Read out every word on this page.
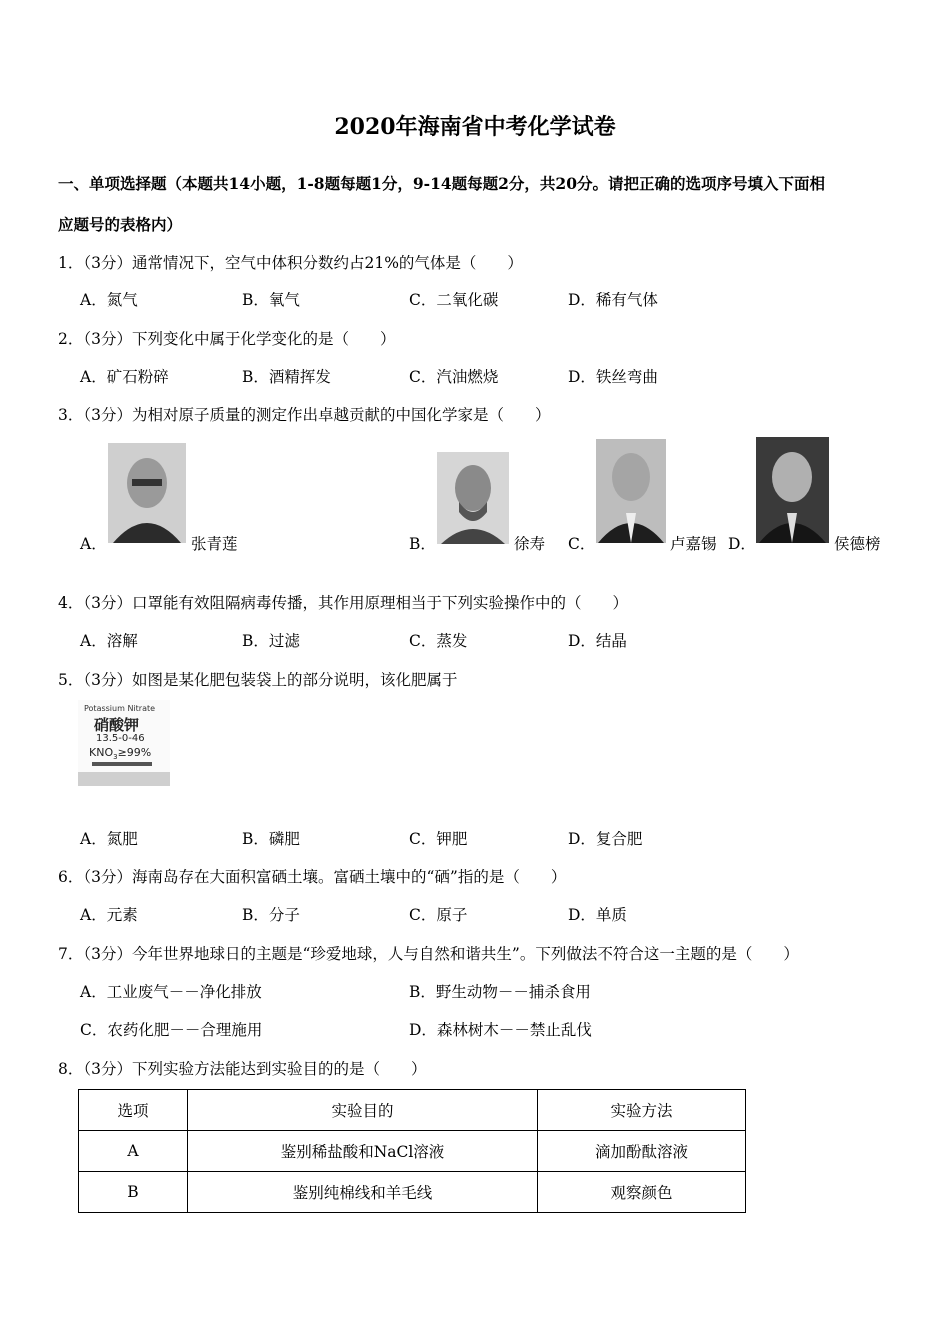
2020年海南省中考化学试卷
一、单项选择题（本题共14小题，1-8题每题1分，9-14题每题2分，共20分。请把正确的选项序号填入下面相
应题号的表格内）
1．（3分）通常情况下，空气中体积分数约占21%的气体是（　　）
A．氮气	B．氧气	C．二氧化碳	D．稀有气体
2．（3分）下列变化中属于化学变化的是（　　）
A．矿石粉碎	B．酒精挥发	C．汽油燃烧	D．铁丝弯曲
3．（3分）为相对原子质量的测定作出卓越贡献的中国化学家是（　　）
A．	张青莲	B．	徐寿 C．	卢嘉锡 D．	侯德榜
4．（3分）口罩能有效阻隔病毒传播，其作用原理相当于下列实验操作中的（　　）
A．溶解	B．过滤	C．蒸发	D．结晶
5．（3分）如图是某化肥包装袋上的部分说明，该化肥属于
Potassium Nitrate
硝酸钾
13.5-0-46
$KNO_3\ge 99\%$
A．氮肥	B．磷肥	C．钾肥	D．复合肥
6．（3分）海南岛存在大面积富硒土壤。富硒土壤中的“硒”指的是（　　）
A．元素	B．分子	C．原子	D．单质
7．（3分）今年世界地球日的主题是“珍爱地球，人与自然和谐共生”。下列做法不符合这一主题的是（　　）
A．工业废气－－净化排放	B．野生动物－－捕杀食用
C．农药化肥－－合理施用	D．森林树木－－禁止乱伐
8．（3分）下列实验方法能达到实验目的的是（　　）
选项	实验目的	实验方法
A	鉴别稀盐酸和NaCl溶液	滴加酚酞溶液
B	鉴别纯棉线和羊毛线	观察颜色
